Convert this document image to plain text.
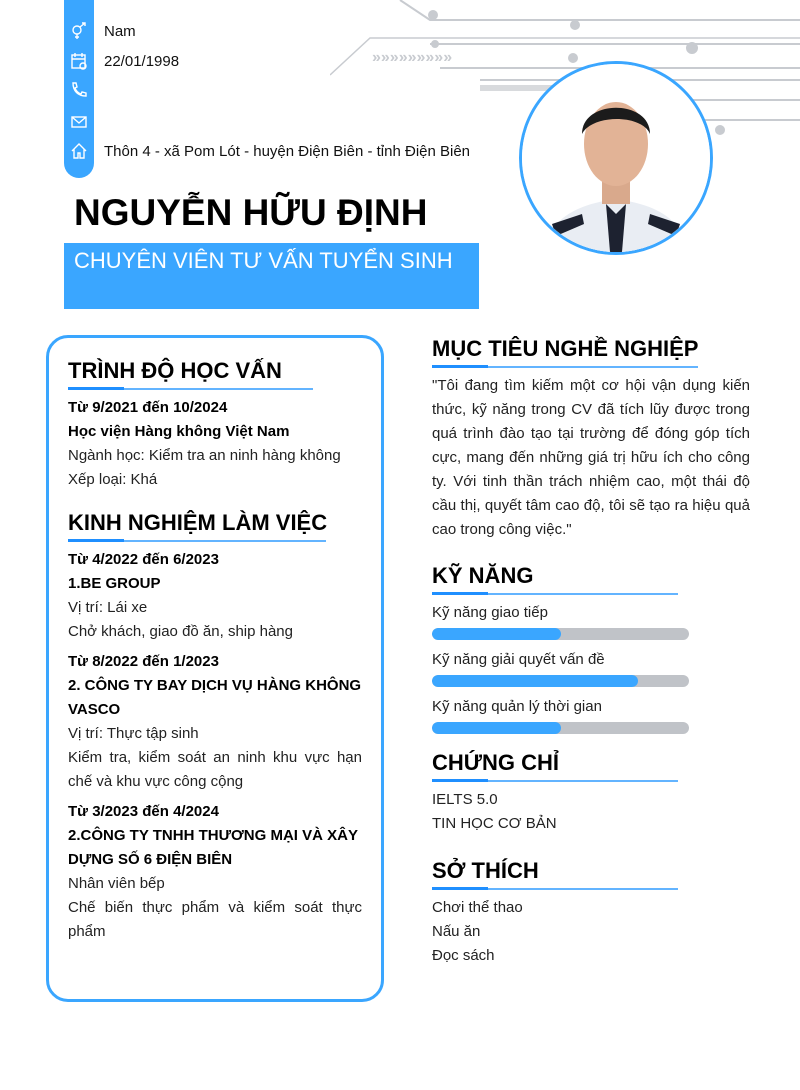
»»»»»»»»»
Nam
22/01/1998
Thôn 4 - xã Pom Lót - huyện Điện Biên - tỉnh Điện Biên
NGUYỄN HỮU ĐỊNH
CHUYÊN VIÊN TƯ VẤN TUYỂN SINH
TRÌNH ĐỘ HỌC VẤN
Từ 9/2021 đến 10/2024
Học viện Hàng không Việt Nam
Ngành học: Kiểm tra an ninh hàng không
Xếp loại: Khá
KINH NGHIỆM LÀM VIỆC
Từ 4/2022 đến 6/2023
1.BE GROUP
Vị trí: Lái xe
Chở khách, giao đồ ăn, ship hàng
Từ 8/2022 đến 1/2023
2. CÔNG TY BAY DỊCH VỤ HÀNG KHÔNG VASCO
Vị trí: Thực tập sinh
Kiểm tra, kiểm soát an ninh khu vực hạn chế và khu vực công cộng
Từ 3/2023 đến 4/2024
2.CÔNG TY TNHH THƯƠNG MẠI VÀ XÂY DỰNG SỐ 6 ĐIỆN BIÊN
Nhân viên bếp
Chế biến thực phẩm và kiểm soát thực phẩm
MỤC TIÊU NGHỀ NGHIỆP
"Tôi đang tìm kiếm một cơ hội vận dụng kiến thức, kỹ năng trong CV đã tích lũy được trong quá trình đào tạo tại trường để đóng góp tích cực, mang đến những giá trị hữu ích cho công ty. Với tinh thần trách nhiệm cao, một thái độ cầu thị, quyết tâm cao độ, tôi sẽ tạo ra hiệu quả cao trong công việc."
KỸ NĂNG
Kỹ năng giao tiếp
Kỹ năng giải quyết vấn đề
Kỹ năng quản lý thời gian
CHỨNG CHỈ
IELTS 5.0
TIN HỌC CƠ BẢN
SỞ THÍCH
Chơi thể thao
Nấu ăn
Đọc sách
